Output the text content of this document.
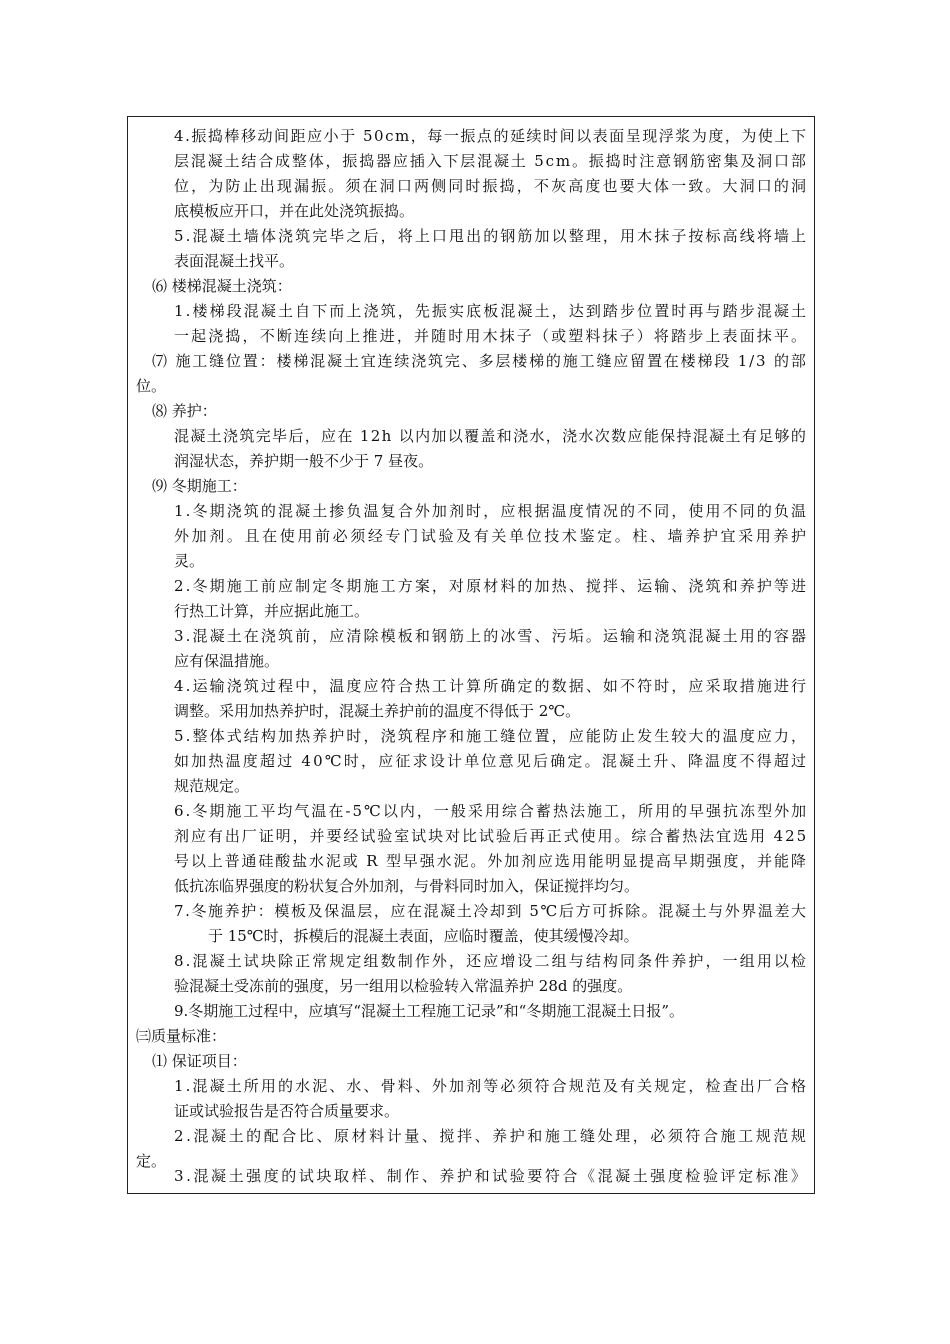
4.振捣棒移动间距应小于 50cm，每一振点的延续时间以表面呈现浮浆为度，为使上下
层混凝土结合成整体，振捣器应插入下层混凝土 5cm。振捣时注意钢筋密集及洞口部
位，为防止出现漏振。须在洞口两侧同时振捣，不灰高度也要大体一致。大洞口的洞
底模板应开口，并在此处浇筑振捣。
5.混凝土墙体浇筑完毕之后，将上口甩出的钢筋加以整理，用木抹子按标高线将墙上
表面混凝土找平。
⑹ 楼梯混凝土浇筑：
1.楼梯段混凝土自下而上浇筑，先振实底板混凝土，达到踏步位置时再与踏步混凝土
一起浇捣，不断连续向上推进，并随时用木抹子（或塑料抹子）将踏步上表面抹平。
⑺ 施工缝位置：楼梯混凝土宜连续浇筑完、多层楼梯的施工缝应留置在楼梯段 1/3 的部
位。
⑻ 养护：
混凝土浇筑完毕后，应在 12h 以内加以覆盖和浇水，浇水次数应能保持混凝土有足够的
润湿状态，养护期一般不少于 7 昼夜。
⑼ 冬期施工：
1.冬期浇筑的混凝土掺负温复合外加剂时，应根据温度情况的不同，使用不同的负温
外加剂。且在使用前必须经专门试验及有关单位技术鉴定。柱、墙养护宜采用养护
灵。
2.冬期施工前应制定冬期施工方案，对原材料的加热、搅拌、运输、浇筑和养护等进
行热工计算，并应据此施工。
3.混凝土在浇筑前，应清除模板和钢筋上的冰雪、污垢。运输和浇筑混凝土用的容器
应有保温措施。
4.运输浇筑过程中，温度应符合热工计算所确定的数据、如不符时，应采取措施进行
调整。采用加热养护时，混凝土养护前的温度不得低于 2℃。
5.整体式结构加热养护时，浇筑程序和施工缝位置，应能防止发生较大的温度应力，
如加热温度超过 40℃时，应征求设计单位意见后确定。混凝土升、降温度不得超过
规范规定。
6.冬期施工平均气温在-5℃以内，一般采用综合蓄热法施工，所用的早强抗冻型外加
剂应有出厂证明，并要经试验室试块对比试验后再正式使用。综合蓄热法宜选用 425
号以上普通硅酸盐水泥或 R 型早强水泥。外加剂应选用能明显提高早期强度，并能降
低抗冻临界强度的粉状复合外加剂，与骨料同时加入，保证搅拌均匀。
7.冬施养护：模板及保温层，应在混凝土冷却到 5℃后方可拆除。混凝土与外界温差大
于 15℃时，拆模后的混凝土表面，应临时覆盖，使其缓慢冷却。
8.混凝土试块除正常规定组数制作外，还应增设二组与结构同条件养护，一组用以检
验混凝土受冻前的强度，另一组用以检验转入常温养护 28d 的强度。
9.冬期施工过程中，应填写“混凝土工程施工记录”和“冬期施工混凝土日报”。
㈢质量标准：
⑴ 保证项目：
1.混凝土所用的水泥、水、骨料、外加剂等必须符合规范及有关规定，检查出厂合格
证或试验报告是否符合质量要求。
2.混凝土的配合比、原材料计量、搅拌、养护和施工缝处理，必须符合施工规范规
定。
3.混凝土强度的试块取样、制作、养护和试验要符合《混凝土强度检验评定标准》
